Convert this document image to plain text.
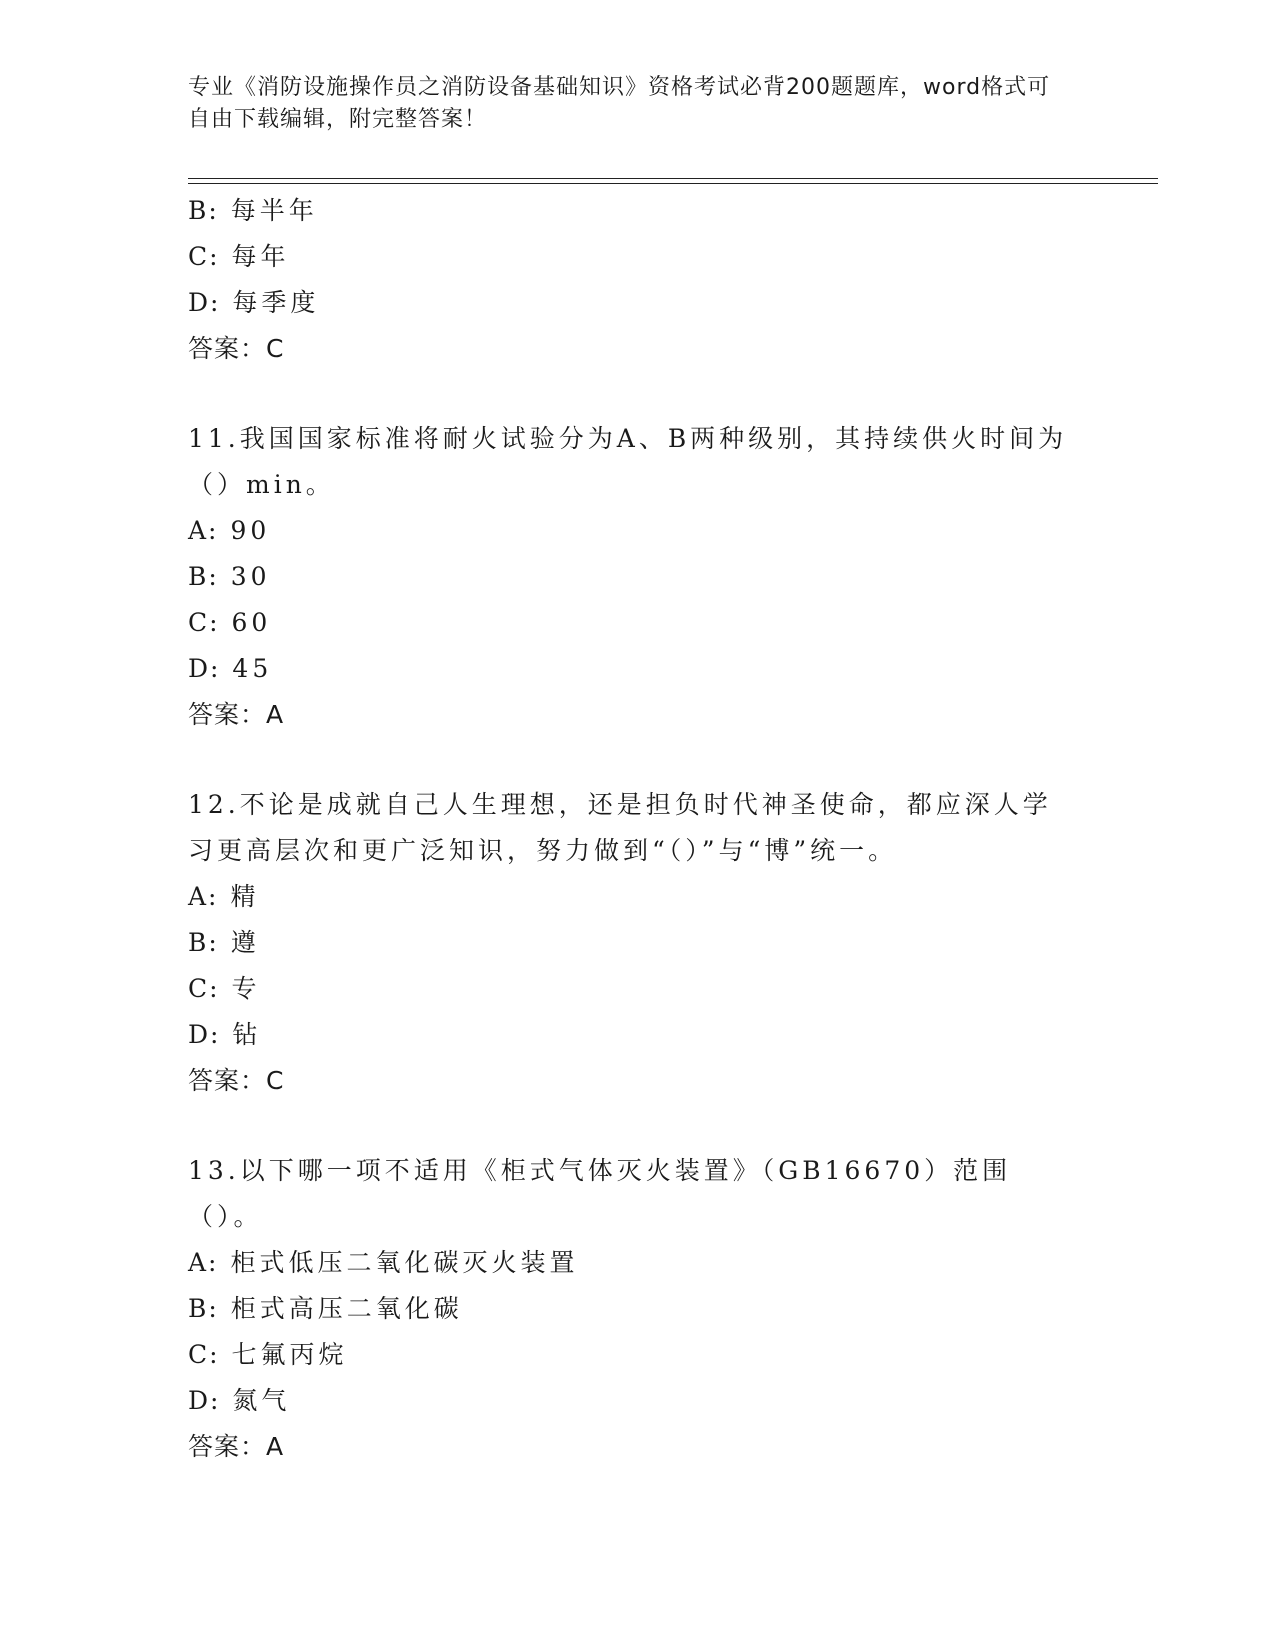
专业《消防设施操作员之消防设备基础知识》资格考试必背200题题库，word格式可自由下载编辑，附完整答案！
B: 每半年
C: 每年
D: 每季度
答案：C
11.我国国家标准将耐火试验分为A、B两种级别，其持续供火时间为（）min。
A: 90
B: 30
C: 60
D: 45
答案：A
12.不论是成就自己人生理想，还是担负时代神圣使命，都应深人学习更高层次和更广泛知识，努力做到“（）”与“博”统一。
A: 精
B: 遵
C: 专
D: 钻
答案：C
13.以下哪一项不适用《柜式气体灭火装置》（GB16670）范围（）。
A: 柜式低压二氧化碳灭火装置
B: 柜式高压二氧化碳
C: 七氟丙烷
D: 氮气
答案：A
